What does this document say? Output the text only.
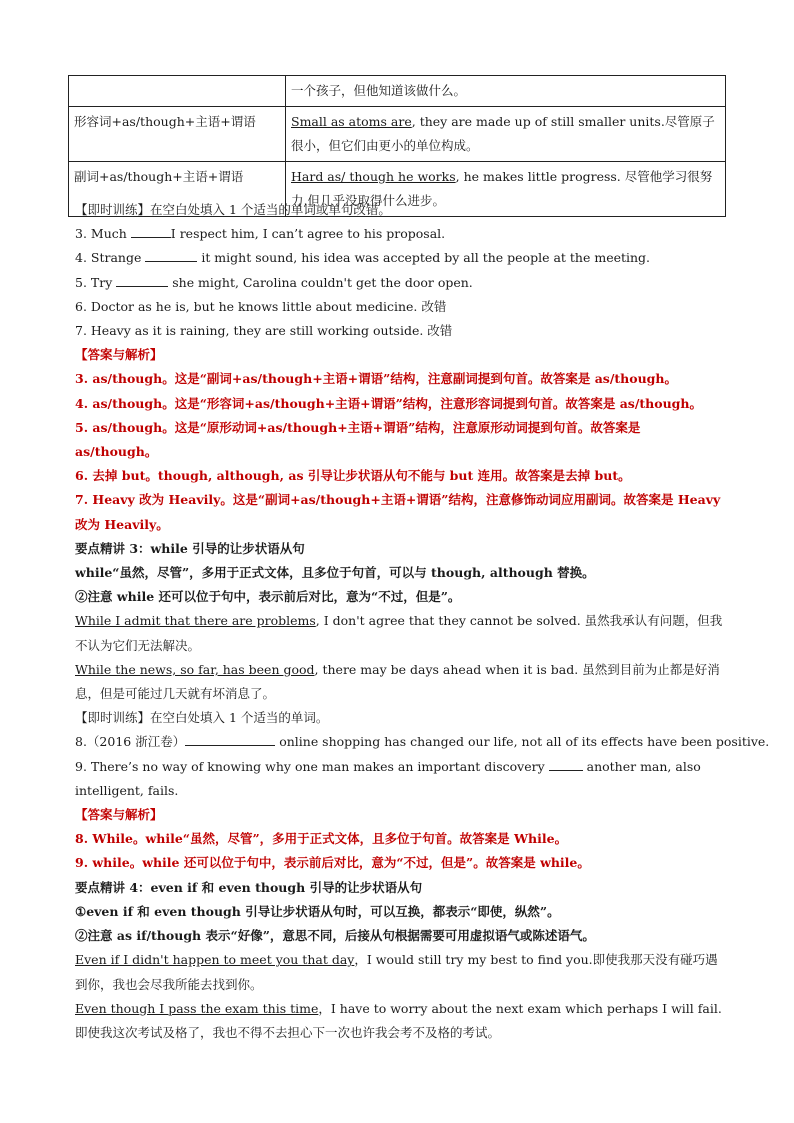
	一个孩子，但他知道该做什么。
形容词+as/though+主语+谓语	Small as atoms are, they are made up of still smaller units.尽管原子很小，但它们由更小的单位构成。
副词+as/though+主语+谓语	Hard as/ though he works, he makes little progress. 尽管他学习很努力,但几乎没取得什么进步。
【即时训练】在空白处填入 1 个适当的单词或单句改错。
3. Much	I respect him, I can’t agree to his proposal.
4. Strange	it might sound, his idea was accepted by all the people at the meeting.
5. Try	she might, Carolina couldn't get the door open.
6. Doctor as he is, but he knows little about medicine. 改错
7. Heavy as it is raining, they are still working outside. 改错
【答案与解析】
3. as/though。这是“副词+as/though+主语+谓语”结构，注意副词提到句首。故答案是 as/though。
4. as/though。这是“形容词+as/though+主语+谓语”结构，注意形容词提到句首。故答案是 as/though。
5. as/though。这是“原形动词+as/though+主语+谓语”结构，注意原形动词提到句首。故答案是 as/though。
6. 去掉 but。though, although, as 引导让步状语从句不能与 but 连用。故答案是去掉 but。
7. Heavy 改为 Heavily。这是“副词+as/though+主语+谓语”结构，注意修饰动词应用副词。故答案是 Heavy 改为 Heavily。
要点精讲 3：while 引导的让步状语从句
while“虽然，尽管”，多用于正式文体，且多位于句首，可以与 though, although 替换。
②注意 while 还可以位于句中，表示前后对比，意为“不过，但是”。
While I admit that there are problems, I don't agree that they cannot be solved. 虽然我承认有问题，但我不认为它们无法解决。
While the news, so far, has been good, there may be days ahead when it is bad. 虽然到目前为止都是好消息，但是可能过几天就有坏消息了。
【即时训练】在空白处填入 1 个适当的单词。
8.（2016 浙江卷）	online shopping has changed our life, not all of its effects have been positive.
9. There’s no way of knowing why one man makes an important discovery	another man, also intelligent, fails.
【答案与解析】
8. While。while“虽然，尽管”，多用于正式文体，且多位于句首。故答案是 While。
9. while。while 还可以位于句中，表示前后对比，意为“不过，但是”。故答案是 while。
要点精讲 4：even if 和 even though 引导的让步状语从句
①even if 和 even though 引导让步状语从句时，可以互换，都表示“即使，纵然”。
②注意 as if/though 表示“好像”，意思不同，后接从句根据需要可用虚拟语气或陈述语气。
Even if I didn't happen to meet you that day，I would still try my best to find you.即使我那天没有碰巧遇到你，我也会尽我所能去找到你。
Even though I pass the exam this time，I have to worry about the next exam which perhaps I will fail. 即使我这次考试及格了，我也不得不去担心下一次也许我会考不及格的考试。
